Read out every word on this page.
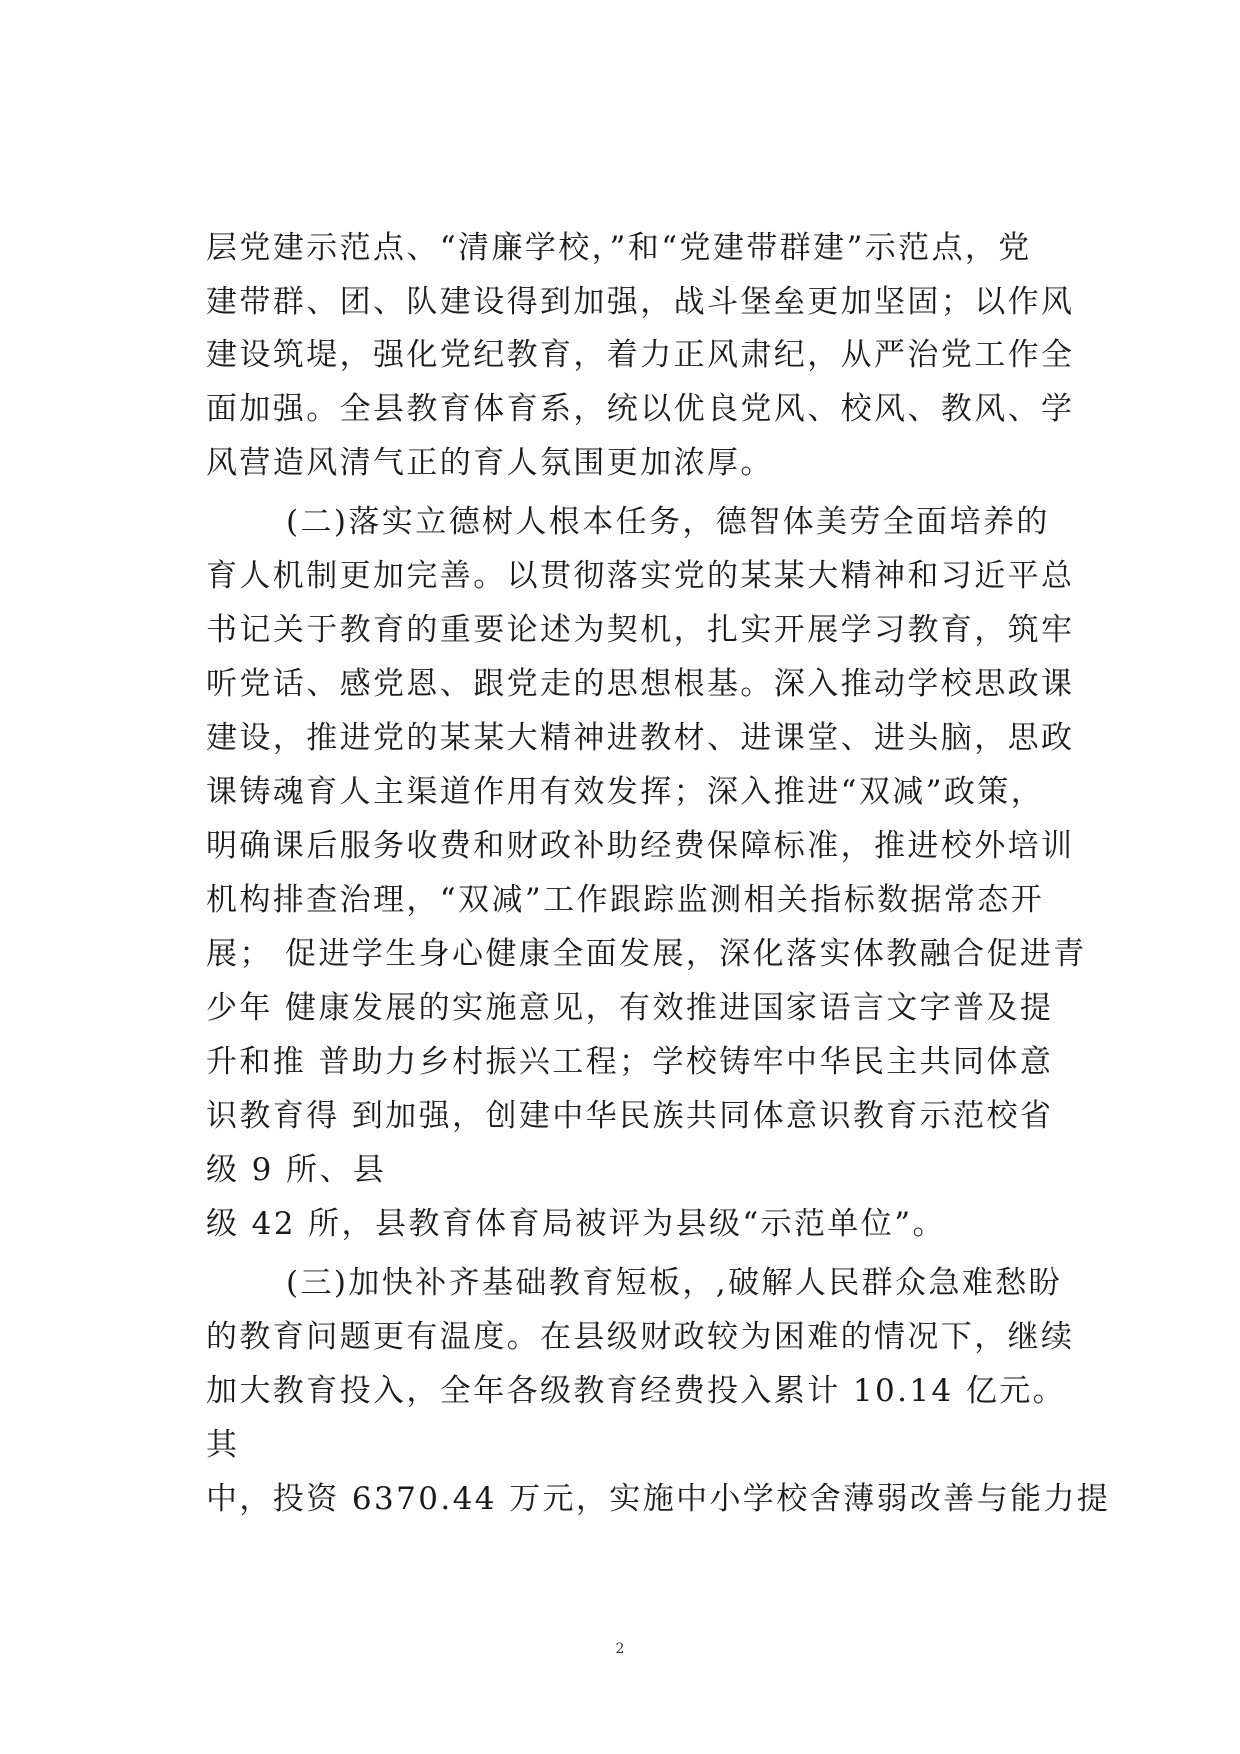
层党建示范点、“清廉学校，”和“党建带群建”示范点，党
建带群、团、队建设得到加强，战斗堡垒更加坚固；以作风
建设筑堤，强化党纪教育，着力正风肃纪，从严治党工作全
面加强。全县教育体育系，统以优良党风、校风、教风、学
风营造风清气正的育人氛围更加浓厚。
(二)落实立德树人根本任务，德智体美劳全面培养的
育人机制更加完善。以贯彻落实党的某某大精神和习近平总
书记关于教育的重要论述为契机，扎实开展学习教育，筑牢
听党话、感党恩、跟党走的思想根基。深入推动学校思政课
建设，推进党的某某大精神进教材、进课堂、进头脑，思政
课铸魂育人主渠道作用有效发挥；深入推进“双减”政策，
明确课后服务收费和财政补助经费保障标准，推进校外培训
机构排查治理，“双减”工作跟踪监测相关指标数据常态开
展； 促进学生身心健康全面发展，深化落实体教融合促进青
少年 健康发展的实施意见，有效推进国家语言文字普及提
升和推 普助力乡村振兴工程；学校铸牢中华民主共同体意
识教育得 到加强，创建中华民族共同体意识教育示范校省
级 9 所、县
级 42 所，县教育体育局被评为县级“示范单位”。
(三)加快补齐基础教育短板，,破解人民群众急难愁盼
的教育问题更有温度。在县级财政较为困难的情况下，继续
加大教育投入，全年各级教育经费投入累计 10.14 亿元。
其
中，投资 6370.44 万元，实施中小学校舍薄弱改善与能力提
2
